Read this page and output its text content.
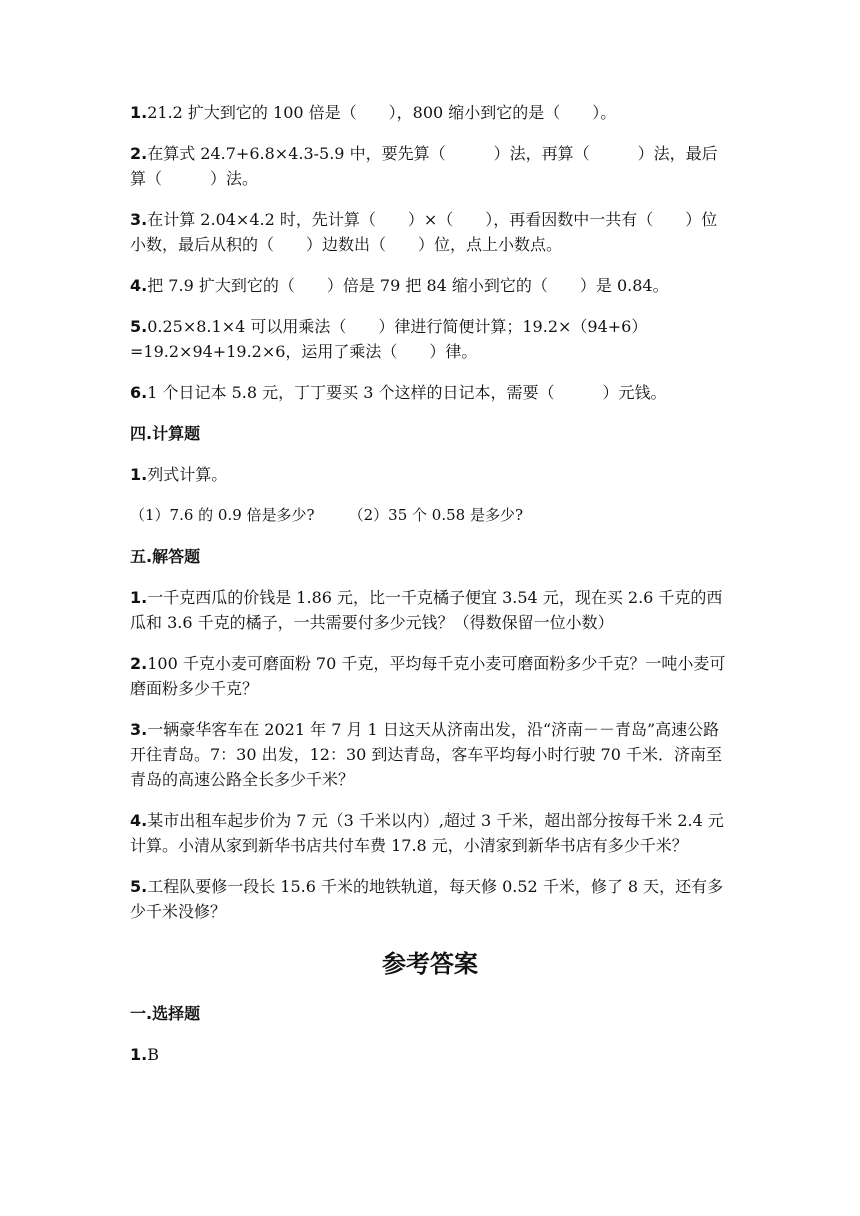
1.21.2 扩大到它的 100 倍是（　　），800 缩小到它的是（　　）。

2.在算式 24.7+6.8×4.3-5.9 中，要先算（　　　）法，再算（　　　）法，最后算（　　　）法。

3.在计算 2.04×4.2 时，先计算（　　）×（　　），再看因数中一共有（　　）位小数，最后从积的（　　）边数出（　　）位，点上小数点。

4.把 7.9 扩大到它的（　　）倍是 79 把 84 缩小到它的（　　）是 0.84。

5.0.25×8.1×4 可以用乘法（　　）律进行简便计算；19.2×（94+6）=19.2×94+19.2×6，运用了乘法（　　）律。

6.1 个日记本 5.8 元，丁丁要买 3 个这样的日记本，需要（　　　）元钱。

四.计算题

1.列式计算。

（1）7.6 的 0.9 倍是多少? （2）35 个 0.58 是多少?

五.解答题

1.一千克西瓜的价钱是 1.86 元，比一千克橘子便宜 3.54 元，现在买 2.6 千克的西瓜和 3.6 千克的橘子，一共需要付多少元钱？（得数保留一位小数）

2.100 千克小麦可磨面粉 70 千克，平均每千克小麦可磨面粉多少千克？一吨小麦可磨面粉多少千克？

3.一辆豪华客车在 2021 年 7 月 1 日这天从济南出发，沿“济南－－青岛”高速公路开往青岛。7：30 出发，12：30 到达青岛，客车平均每小时行驶 70 千米．济南至青岛的高速公路全长多少千米？

4.某市出租车起步价为 7 元（3 千米以内）,超过 3 千米，超出部分按每千米 2.4 元计算。小清从家到新华书店共付车费 17.8 元，小清家到新华书店有多少千米？

5.工程队要修一段长 15.6 千米的地铁轨道，每天修 0.52 千米，修了 8 天，还有多少千米没修？

参考答案
一.选择题

1.B
